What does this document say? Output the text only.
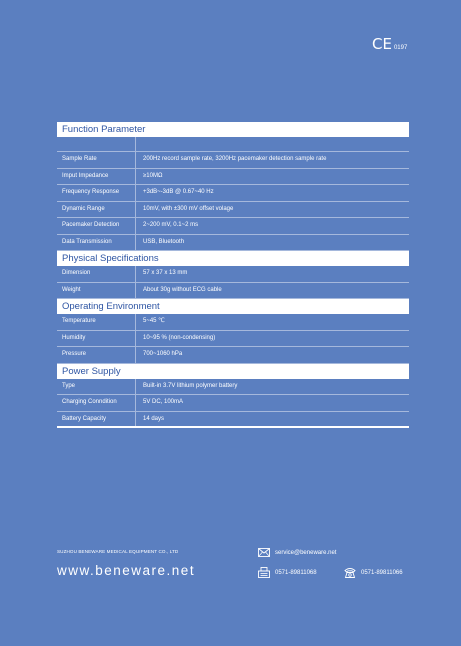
CE 0197
Function Parameter
Sample Rate	200Hz record sample rate, 3200Hz pacemaker detection sample rate
Imput Impedance	≥10MΩ
Frequency Response	+3dB~-3dB @ 0.67~40 Hz
Dynamic Range	10mV, with ±300 mV offset volage
Pacemaker Detection	2~200 mV, 0.1~2 ms
Data Transmission	USB, Bluetooth
Physical Specifications
Dimension	57 x 37 x 13 mm
Weight	About 30g without ECG cable
Operating Environment
Temperature	5~45 ℃
Humidity	10~95 % (non-condensing)
Pressure	700~1060 hPa
Power Supply
Type	Built-in 3.7V lithium polymer battery
Charging Conndition	5V DC, 100mA
Battery Capacity	14 days
SUZHOU BENEWARE MEDICAL EQUIPMENT CO., LTD
www.beneware.net
service@beneware.net
0571-89811068	0571-89811066
